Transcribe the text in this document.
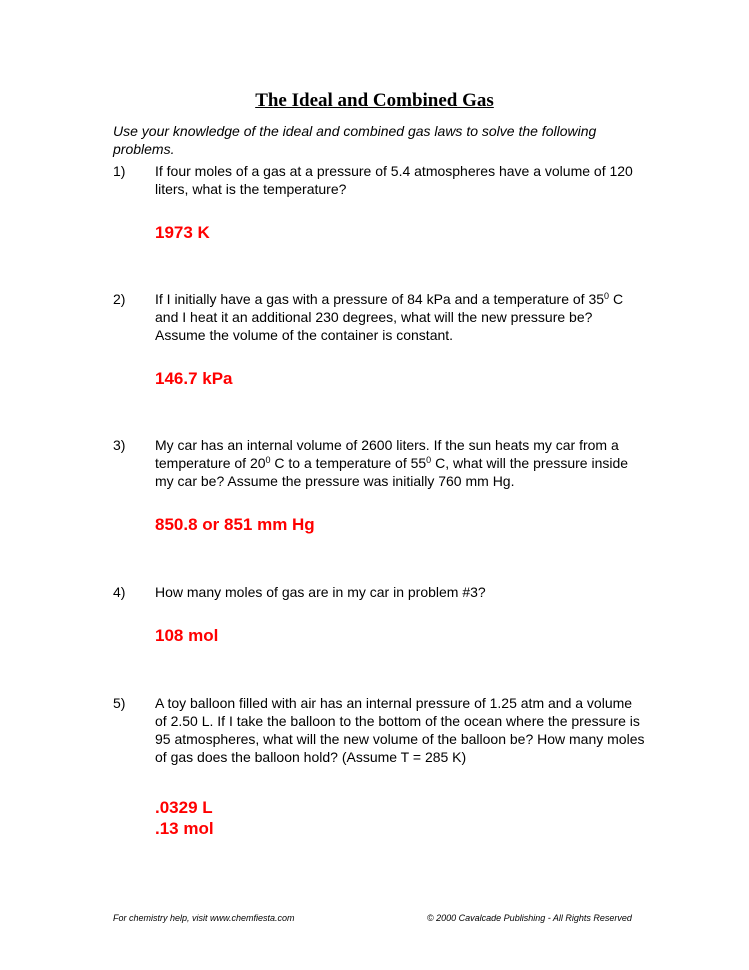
The Ideal and Combined Gas
Use your knowledge of the ideal and combined gas laws to solve the following problems.
1) If four moles of a gas at a pressure of 5.4 atmospheres have a volume of 120 liters, what is the temperature?
1973 K
2) If I initially have a gas with a pressure of 84 kPa and a temperature of $35^0$ C and I heat it an additional 230 degrees, what will the new pressure be? Assume the volume of the container is constant.
146.7 kPa
3) My car has an internal volume of 2600 liters. If the sun heats my car from a temperature of $20^0$ C to a temperature of $55^0$ C, what will the pressure inside my car be? Assume the pressure was initially 760 mm Hg.
850.8 or 851 mm Hg
4) How many moles of gas are in my car in problem #3?
108 mol
5) A toy balloon filled with air has an internal pressure of 1.25 atm and a volume of 2.50 L. If I take the balloon to the bottom of the ocean where the pressure is 95 atmospheres, what will the new volume of the balloon be? How many moles of gas does the balloon hold? (Assume T = 285 K)
.0329 L
.13 mol
For chemistry help, visit www.chemfiesta.com	© 2000 Cavalcade Publishing - All Rights Reserved
